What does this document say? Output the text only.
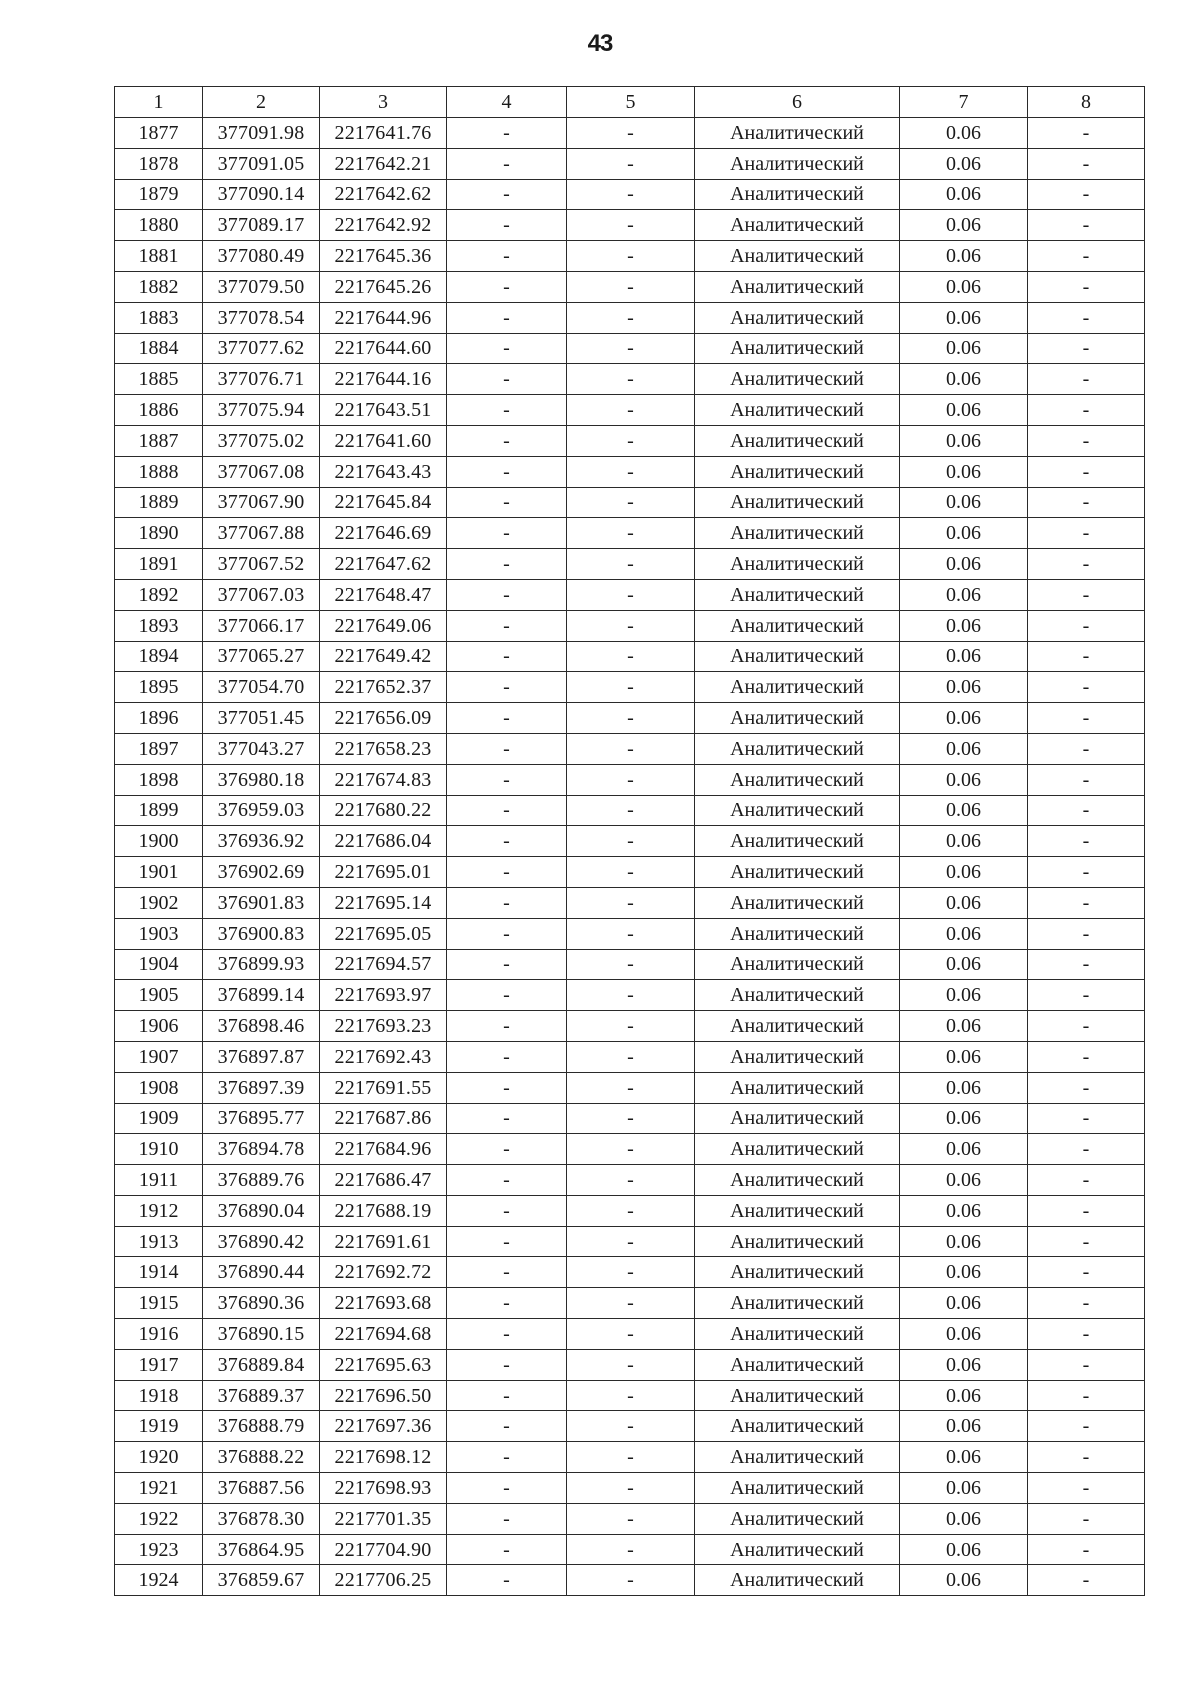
43
1	2	3	4	5	6	7	8
1877	377091.98	2217641.76	-	-	Аналитический	0.06	-
1878	377091.05	2217642.21	-	-	Аналитический	0.06	-
1879	377090.14	2217642.62	-	-	Аналитический	0.06	-
1880	377089.17	2217642.92	-	-	Аналитический	0.06	-
1881	377080.49	2217645.36	-	-	Аналитический	0.06	-
1882	377079.50	2217645.26	-	-	Аналитический	0.06	-
1883	377078.54	2217644.96	-	-	Аналитический	0.06	-
1884	377077.62	2217644.60	-	-	Аналитический	0.06	-
1885	377076.71	2217644.16	-	-	Аналитический	0.06	-
1886	377075.94	2217643.51	-	-	Аналитический	0.06	-
1887	377075.02	2217641.60	-	-	Аналитический	0.06	-
1888	377067.08	2217643.43	-	-	Аналитический	0.06	-
1889	377067.90	2217645.84	-	-	Аналитический	0.06	-
1890	377067.88	2217646.69	-	-	Аналитический	0.06	-
1891	377067.52	2217647.62	-	-	Аналитический	0.06	-
1892	377067.03	2217648.47	-	-	Аналитический	0.06	-
1893	377066.17	2217649.06	-	-	Аналитический	0.06	-
1894	377065.27	2217649.42	-	-	Аналитический	0.06	-
1895	377054.70	2217652.37	-	-	Аналитический	0.06	-
1896	377051.45	2217656.09	-	-	Аналитический	0.06	-
1897	377043.27	2217658.23	-	-	Аналитический	0.06	-
1898	376980.18	2217674.83	-	-	Аналитический	0.06	-
1899	376959.03	2217680.22	-	-	Аналитический	0.06	-
1900	376936.92	2217686.04	-	-	Аналитический	0.06	-
1901	376902.69	2217695.01	-	-	Аналитический	0.06	-
1902	376901.83	2217695.14	-	-	Аналитический	0.06	-
1903	376900.83	2217695.05	-	-	Аналитический	0.06	-
1904	376899.93	2217694.57	-	-	Аналитический	0.06	-
1905	376899.14	2217693.97	-	-	Аналитический	0.06	-
1906	376898.46	2217693.23	-	-	Аналитический	0.06	-
1907	376897.87	2217692.43	-	-	Аналитический	0.06	-
1908	376897.39	2217691.55	-	-	Аналитический	0.06	-
1909	376895.77	2217687.86	-	-	Аналитический	0.06	-
1910	376894.78	2217684.96	-	-	Аналитический	0.06	-
1911	376889.76	2217686.47	-	-	Аналитический	0.06	-
1912	376890.04	2217688.19	-	-	Аналитический	0.06	-
1913	376890.42	2217691.61	-	-	Аналитический	0.06	-
1914	376890.44	2217692.72	-	-	Аналитический	0.06	-
1915	376890.36	2217693.68	-	-	Аналитический	0.06	-
1916	376890.15	2217694.68	-	-	Аналитический	0.06	-
1917	376889.84	2217695.63	-	-	Аналитический	0.06	-
1918	376889.37	2217696.50	-	-	Аналитический	0.06	-
1919	376888.79	2217697.36	-	-	Аналитический	0.06	-
1920	376888.22	2217698.12	-	-	Аналитический	0.06	-
1921	376887.56	2217698.93	-	-	Аналитический	0.06	-
1922	376878.30	2217701.35	-	-	Аналитический	0.06	-
1923	376864.95	2217704.90	-	-	Аналитический	0.06	-
1924	376859.67	2217706.25	-	-	Аналитический	0.06	-
